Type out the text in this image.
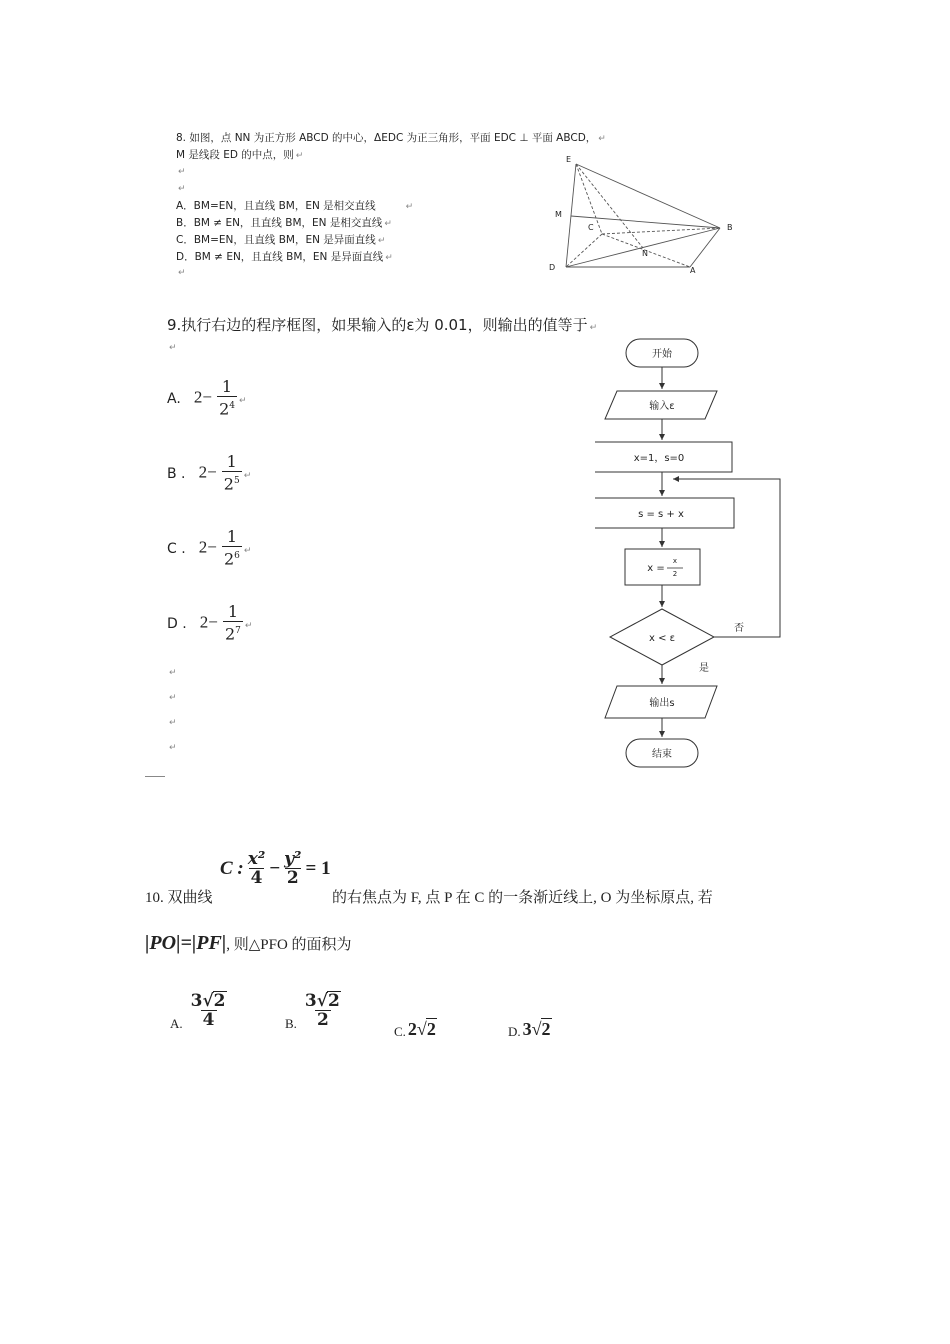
8. 如图，点 NN 为正方形 ABCD 的中心，ΔEDC 为正三角形，平面 EDC ⊥ 平面 ABCD， ↵
M 是线段 ED 的中点，则 ↵
↵
↵
A．BM=EN，且直线 BM，EN 是相交直线	↵
B．BM ≠ EN，且直线 BM，EN 是相交直线 ↵
C．BM=EN，且直线 BM，EN 是异面直线 ↵
D．BM ≠ EN，且直线 BM，EN 是异面直线 ↵
↵
E
M
C
N
B
D	A
9.执行右边的程序框图，如果输入的ε为 0.01，则输出的值等于 ↵
↵
A. $2- \frac{1}{2^4}$ ↵
B . $2- \frac{1}{2^5}$ ↵
C . $2- \frac{1}{2^6}$ ↵
D . $2- \frac{1}{2^7}$ ↵
↵
↵
↵
↵
开始
输入ε
x=1，s=0
s = s + x
x =
x
2
x < ε
否
是
输出s
结束
10. 双曲线
C : $\frac{\text{x²}}{4} - \frac{\text{y²}}{2} = 1$
的右焦点为 F, 点 P 在 C 的一条渐近线上, O 为坐标原点, 若
|PO|=|PF|, 则△PFO 的面积为
A. $\frac{3√2}{4}$	B. $\frac{3√2}{2}$
C. 2√2	D. 3√2
